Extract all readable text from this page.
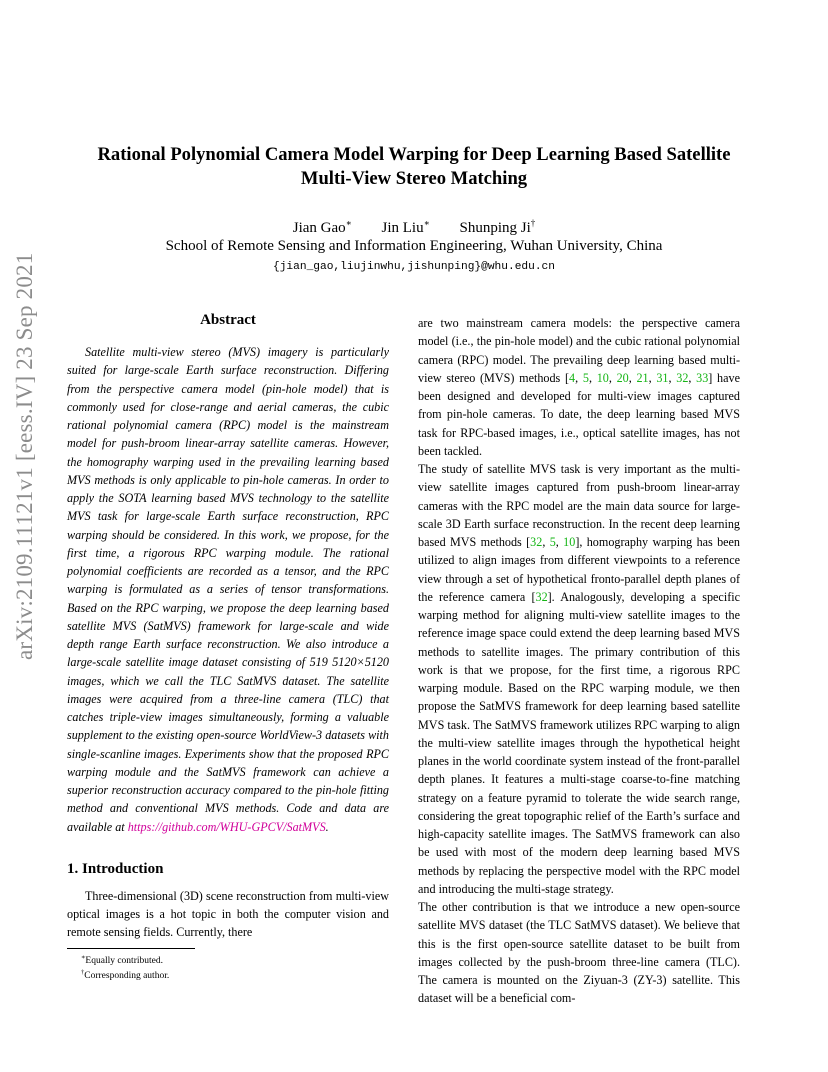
arXiv:2109.11121v1 [eess.IV] 23 Sep 2021
Rational Polynomial Camera Model Warping for Deep Learning Based Satellite
Multi-View Stereo Matching
Jian Gao∗ Jin Liu∗ Shunping Ji†
School of Remote Sensing and Information Engineering, Wuhan University, China
{jian_gao,liujinwhu,jishunping}@whu.edu.cn
Abstract

Satellite multi-view stereo (MVS) imagery is particularly suited for large-scale Earth surface reconstruction. Differing from the perspective camera model (pin-hole model) that is commonly used for close-range and aerial cameras, the cubic rational polynomial camera (RPC) model is the mainstream model for push-broom linear-array satellite cameras. However, the homography warping used in the prevailing learning based MVS methods is only applicable to pin-hole cameras. In order to apply the SOTA learning based MVS technology to the satellite MVS task for large-scale Earth surface reconstruction, RPC warping should be considered. In this work, we propose, for the first time, a rigorous RPC warping module. The rational polynomial coefficients are recorded as a tensor, and the RPC warping is formulated as a series of tensor transformations. Based on the RPC warping, we propose the deep learning based satellite MVS (SatMVS) framework for large-scale and wide depth range Earth surface reconstruction. We also introduce a large-scale satellite image dataset consisting of 519 5120×5120 images, which we call the TLC SatMVS dataset. The satellite images were acquired from a three-line camera (TLC) that catches triple-view images simultaneously, forming a valuable supplement to the existing open-source WorldView-3 datasets with single-scanline images. Experiments show that the proposed RPC warping module and the SatMVS framework can achieve a superior reconstruction accuracy compared to the pin-hole fitting method and conventional MVS methods. Code and data are available at https://github.com/WHU-GPCV/SatMVS.

1. Introduction

Three-dimensional (3D) scene reconstruction from multi-view optical images is a hot topic in both the computer vision and remote sensing fields. Currently, there

∗Equally contributed.

†Corresponding author.

are two mainstream camera models: the perspective camera model (i.e., the pin-hole model) and the cubic rational polynomial camera (RPC) model. The prevailing deep learning based multi-view stereo (MVS) methods [4, 5, 10, 20, 21, 31, 32, 33] have been designed and developed for multi-view images captured from pin-hole cameras. To date, the deep learning based MVS task for RPC-based images, i.e., optical satellite images, has not been tackled.

The study of satellite MVS task is very important as the multi-view satellite images captured from push-broom linear-array cameras with the RPC model are the main data source for large-scale 3D Earth surface reconstruction. In the recent deep learning based MVS methods [32, 5, 10], homography warping has been utilized to align images from different viewpoints to a reference view through a set of hypothetical fronto-parallel depth planes of the reference camera [32]. Analogously, developing a specific warping method for aligning multi-view satellite images to the reference image space could extend the deep learning based MVS methods to satellite images. The primary contribution of this work is that we propose, for the first time, a rigorous RPC warping module. Based on the RPC warping module, we then propose the SatMVS framework for deep learning based satellite MVS task. The SatMVS framework utilizes RPC warping to align the multi-view satellite images through the hypothetical height planes in the world coordinate system instead of the front-parallel depth planes. It features a multi-stage coarse-to-fine matching strategy on a feature pyramid to tolerate the wide search range, considering the great topographic relief of the Earth’s surface and high-capacity satellite images. The SatMVS framework can also be used with most of the modern deep learning based MVS methods by replacing the perspective model with the RPC model and introducing the multi-stage strategy.

The other contribution is that we introduce a new open-source satellite MVS dataset (the TLC SatMVS dataset). We believe that this is the first open-source satellite dataset to be built from images collected by the push-broom three-line camera (TLC). The camera is mounted on the Ziyuan-3 (ZY-3) satellite. This dataset will be a beneficial com-
